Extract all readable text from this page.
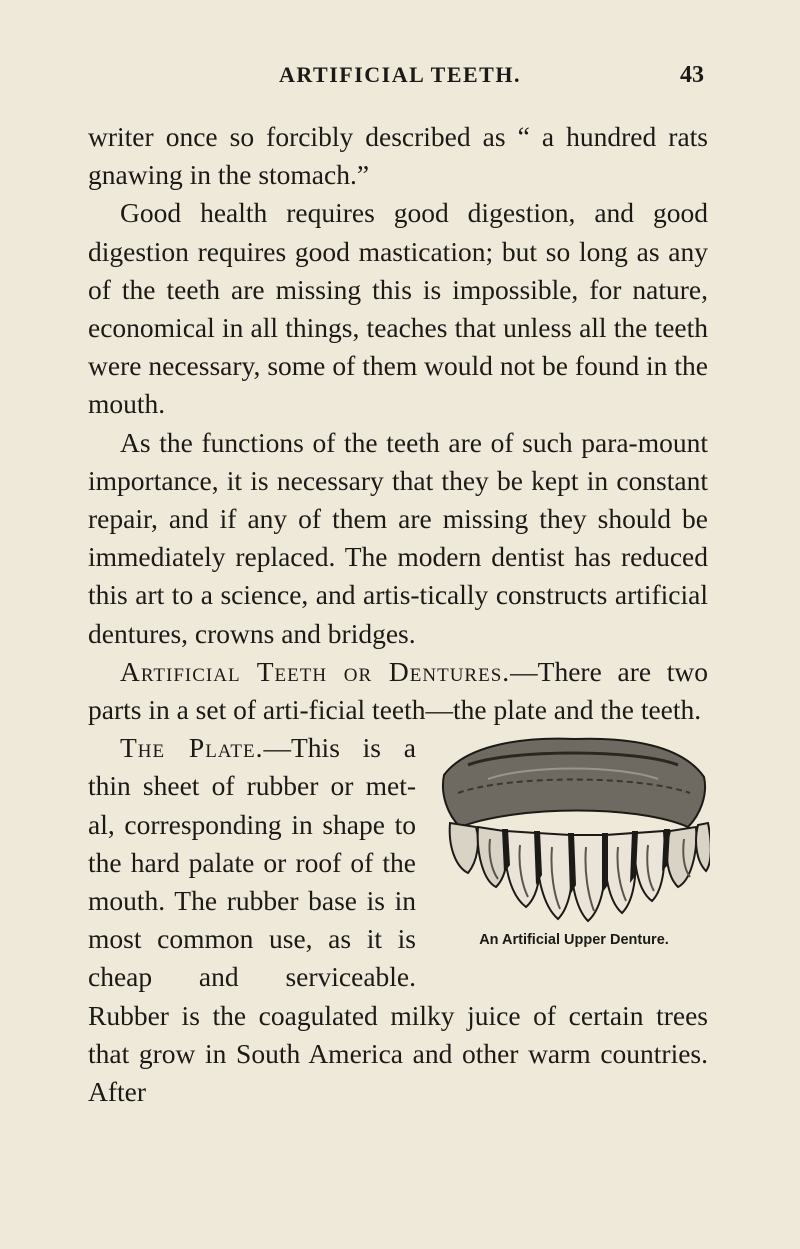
ARTIFICIAL TEETH.	43

writer once so forcibly described as “ a hundred rats gnawing in the stomach.”

Good health requires good digestion, and good digestion requires good mastication; but so long as any of the teeth are missing this is impossible, for nature, economical in all things, teaches that unless all the teeth were necessary, some of them would not be found in the mouth.

As the functions of the teeth are of such para-mount importance, it is necessary that they be kept in constant repair, and if any of them are missing they should be immediately replaced. The modern dentist has reduced this art to a science, and artis-tically constructs artificial dentures, crowns and bridges.

Artificial Teeth or Dentures.—There are two parts in a set of arti-ficial teeth—the plate and the teeth.

An Artificial Upper Denture.

The Plate.—This is a thin sheet of rubber or met-al, corresponding in shape to the hard palate or roof of the mouth. The rubber base is in most common use, as it is cheap and serviceable. Rubber is the coagulated milky juice of certain trees that grow in South America and other warm countries. After
